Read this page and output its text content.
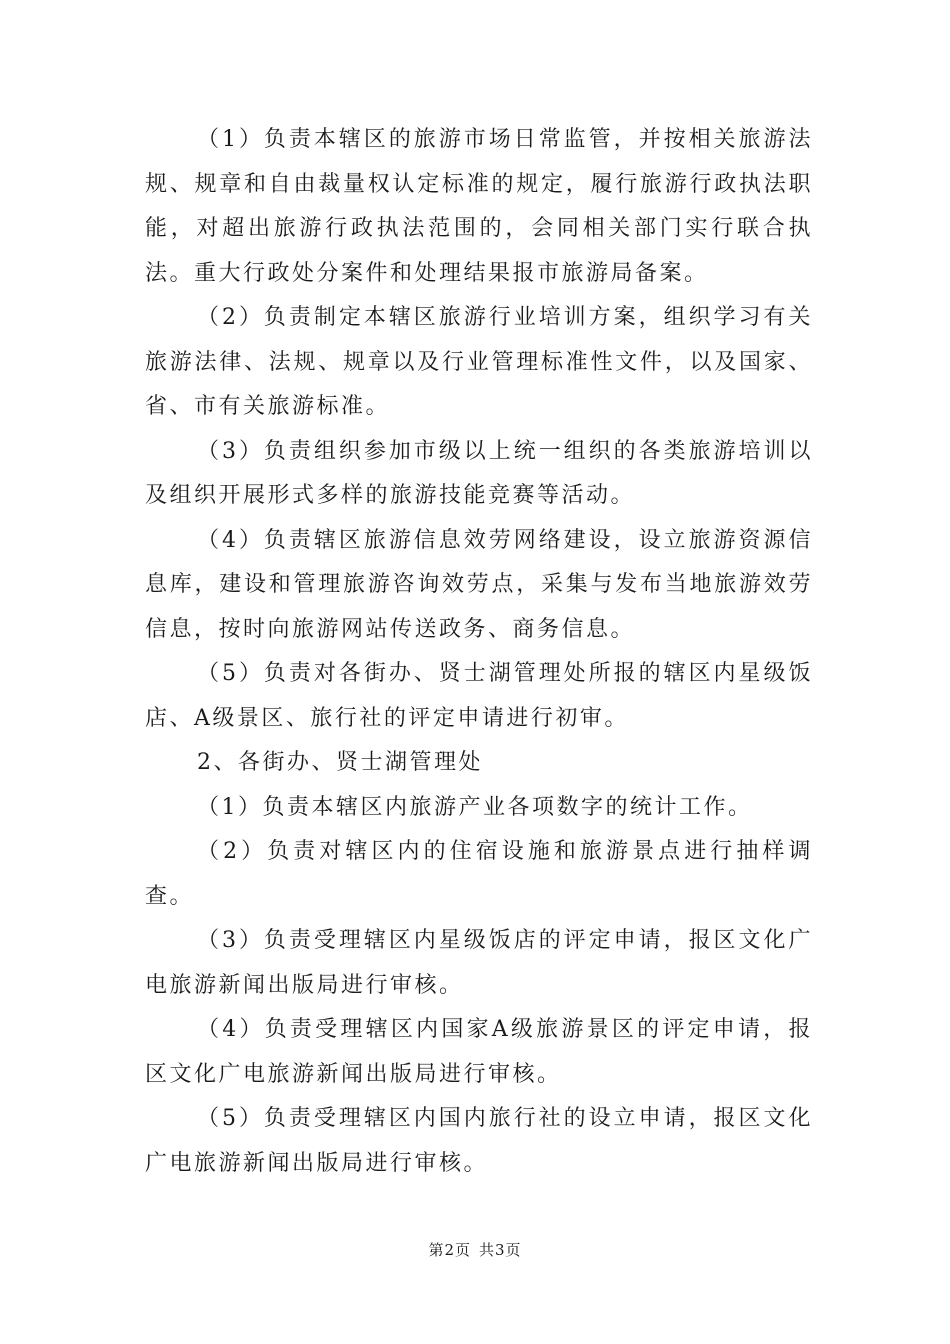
（1）负责本辖区的旅游市场日常监管，并按相关旅游法规、规章和自由裁量权认定标准的规定，履行旅游行政执法职能，对超出旅游行政执法范围的，会同相关部门实行联合执法。重大行政处分案件和处理结果报市旅游局备案。

（2）负责制定本辖区旅游行业培训方案，组织学习有关旅游法律、法规、规章以及行业管理标准性文件，以及国家、省、市有关旅游标准。

（3）负责组织参加市级以上统一组织的各类旅游培训以及组织开展形式多样的旅游技能竞赛等活动。

（4）负责辖区旅游信息效劳网络建设，设立旅游资源信息库，建设和管理旅游咨询效劳点，采集与发布当地旅游效劳信息，按时向旅游网站传送政务、商务信息。

（5）负责对各街办、贤士湖管理处所报的辖区内星级饭店、A级景区、旅行社的评定申请进行初审。

2、各街办、贤士湖管理处

（1）负责本辖区内旅游产业各项数字的统计工作。

（2）负责对辖区内的住宿设施和旅游景点进行抽样调查。

（3）负责受理辖区内星级饭店的评定申请，报区文化广电旅游新闻出版局进行审核。

（4）负责受理辖区内国家A级旅游景区的评定申请，报区文化广电旅游新闻出版局进行审核。

（5）负责受理辖区内国内旅行社的设立申请，报区文化广电旅游新闻出版局进行审核。

第2页 共3页
